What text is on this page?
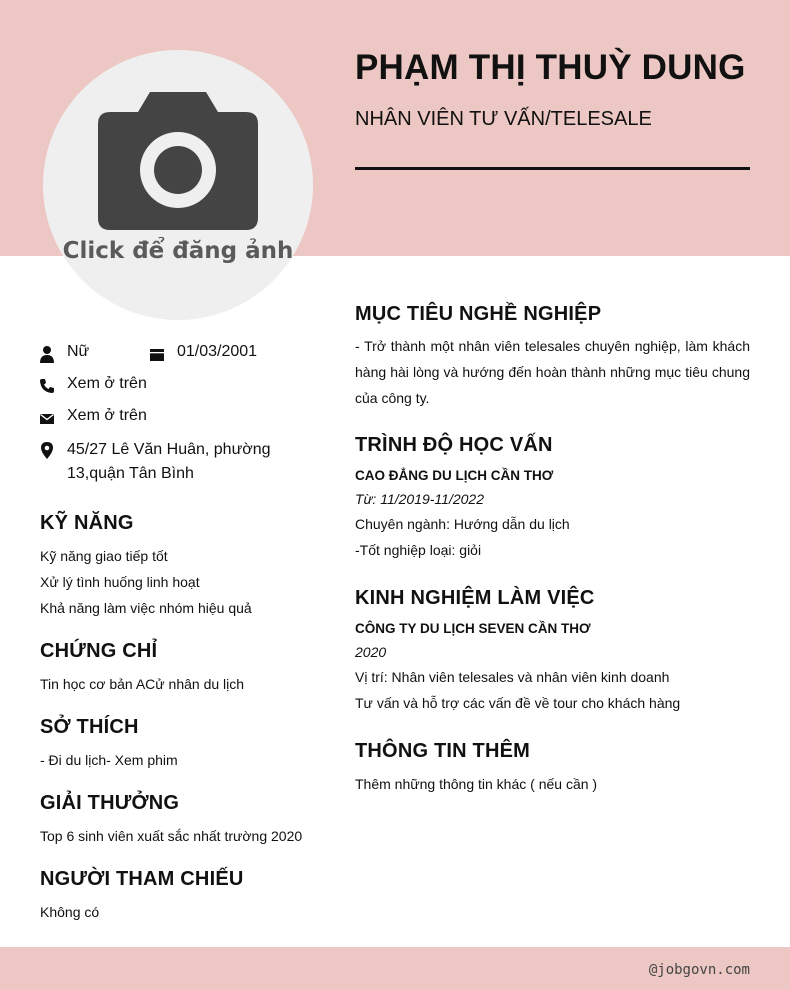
Click để đăng ảnh
PHẠM THỊ THUỲ DUNG
NHÂN VIÊN TƯ VẤN/TELESALE
Nữ	01/03/2001
Xem ở trên
Xem ở trên
45/27 Lê Văn Huân, phường
13,quận Tân Bình
KỸ NĂNG
Kỹ năng giao tiếp tốt
Xử lý tình huống linh hoạt
Khả năng làm việc nhóm hiệu quả
CHỨNG CHỈ
Tin học cơ bản ACử nhân du lịch
SỞ THÍCH
- Đi du lịch- Xem phim
GIẢI THƯỞNG
Top 6 sinh viên xuất sắc nhất trường 2020
NGƯỜI THAM CHIẾU
Không có
MỤC TIÊU NGHỀ NGHIỆP
- Trở thành một nhân viên telesales chuyên nghiệp, làm khách hàng hài lòng và hướng đến hoàn thành những mục tiêu chung của công ty.
TRÌNH ĐỘ HỌC VẤN
CAO ĐẲNG DU LỊCH CẦN THƠ
Từ: 11/2019-11/2022
Chuyên ngành: Hướng dẫn du lịch
-Tốt nghiệp loại: giỏi
KINH NGHIỆM LÀM VIỆC
CÔNG TY DU LỊCH SEVEN CẦN THƠ
2020
Vị trí: Nhân viên telesales và nhân viên kinh doanh
Tư vấn và hỗ trợ các vấn đề về tour cho khách hàng
THÔNG TIN THÊM
Thêm những thông tin khác ( nếu cần )
@jobgovn.com
